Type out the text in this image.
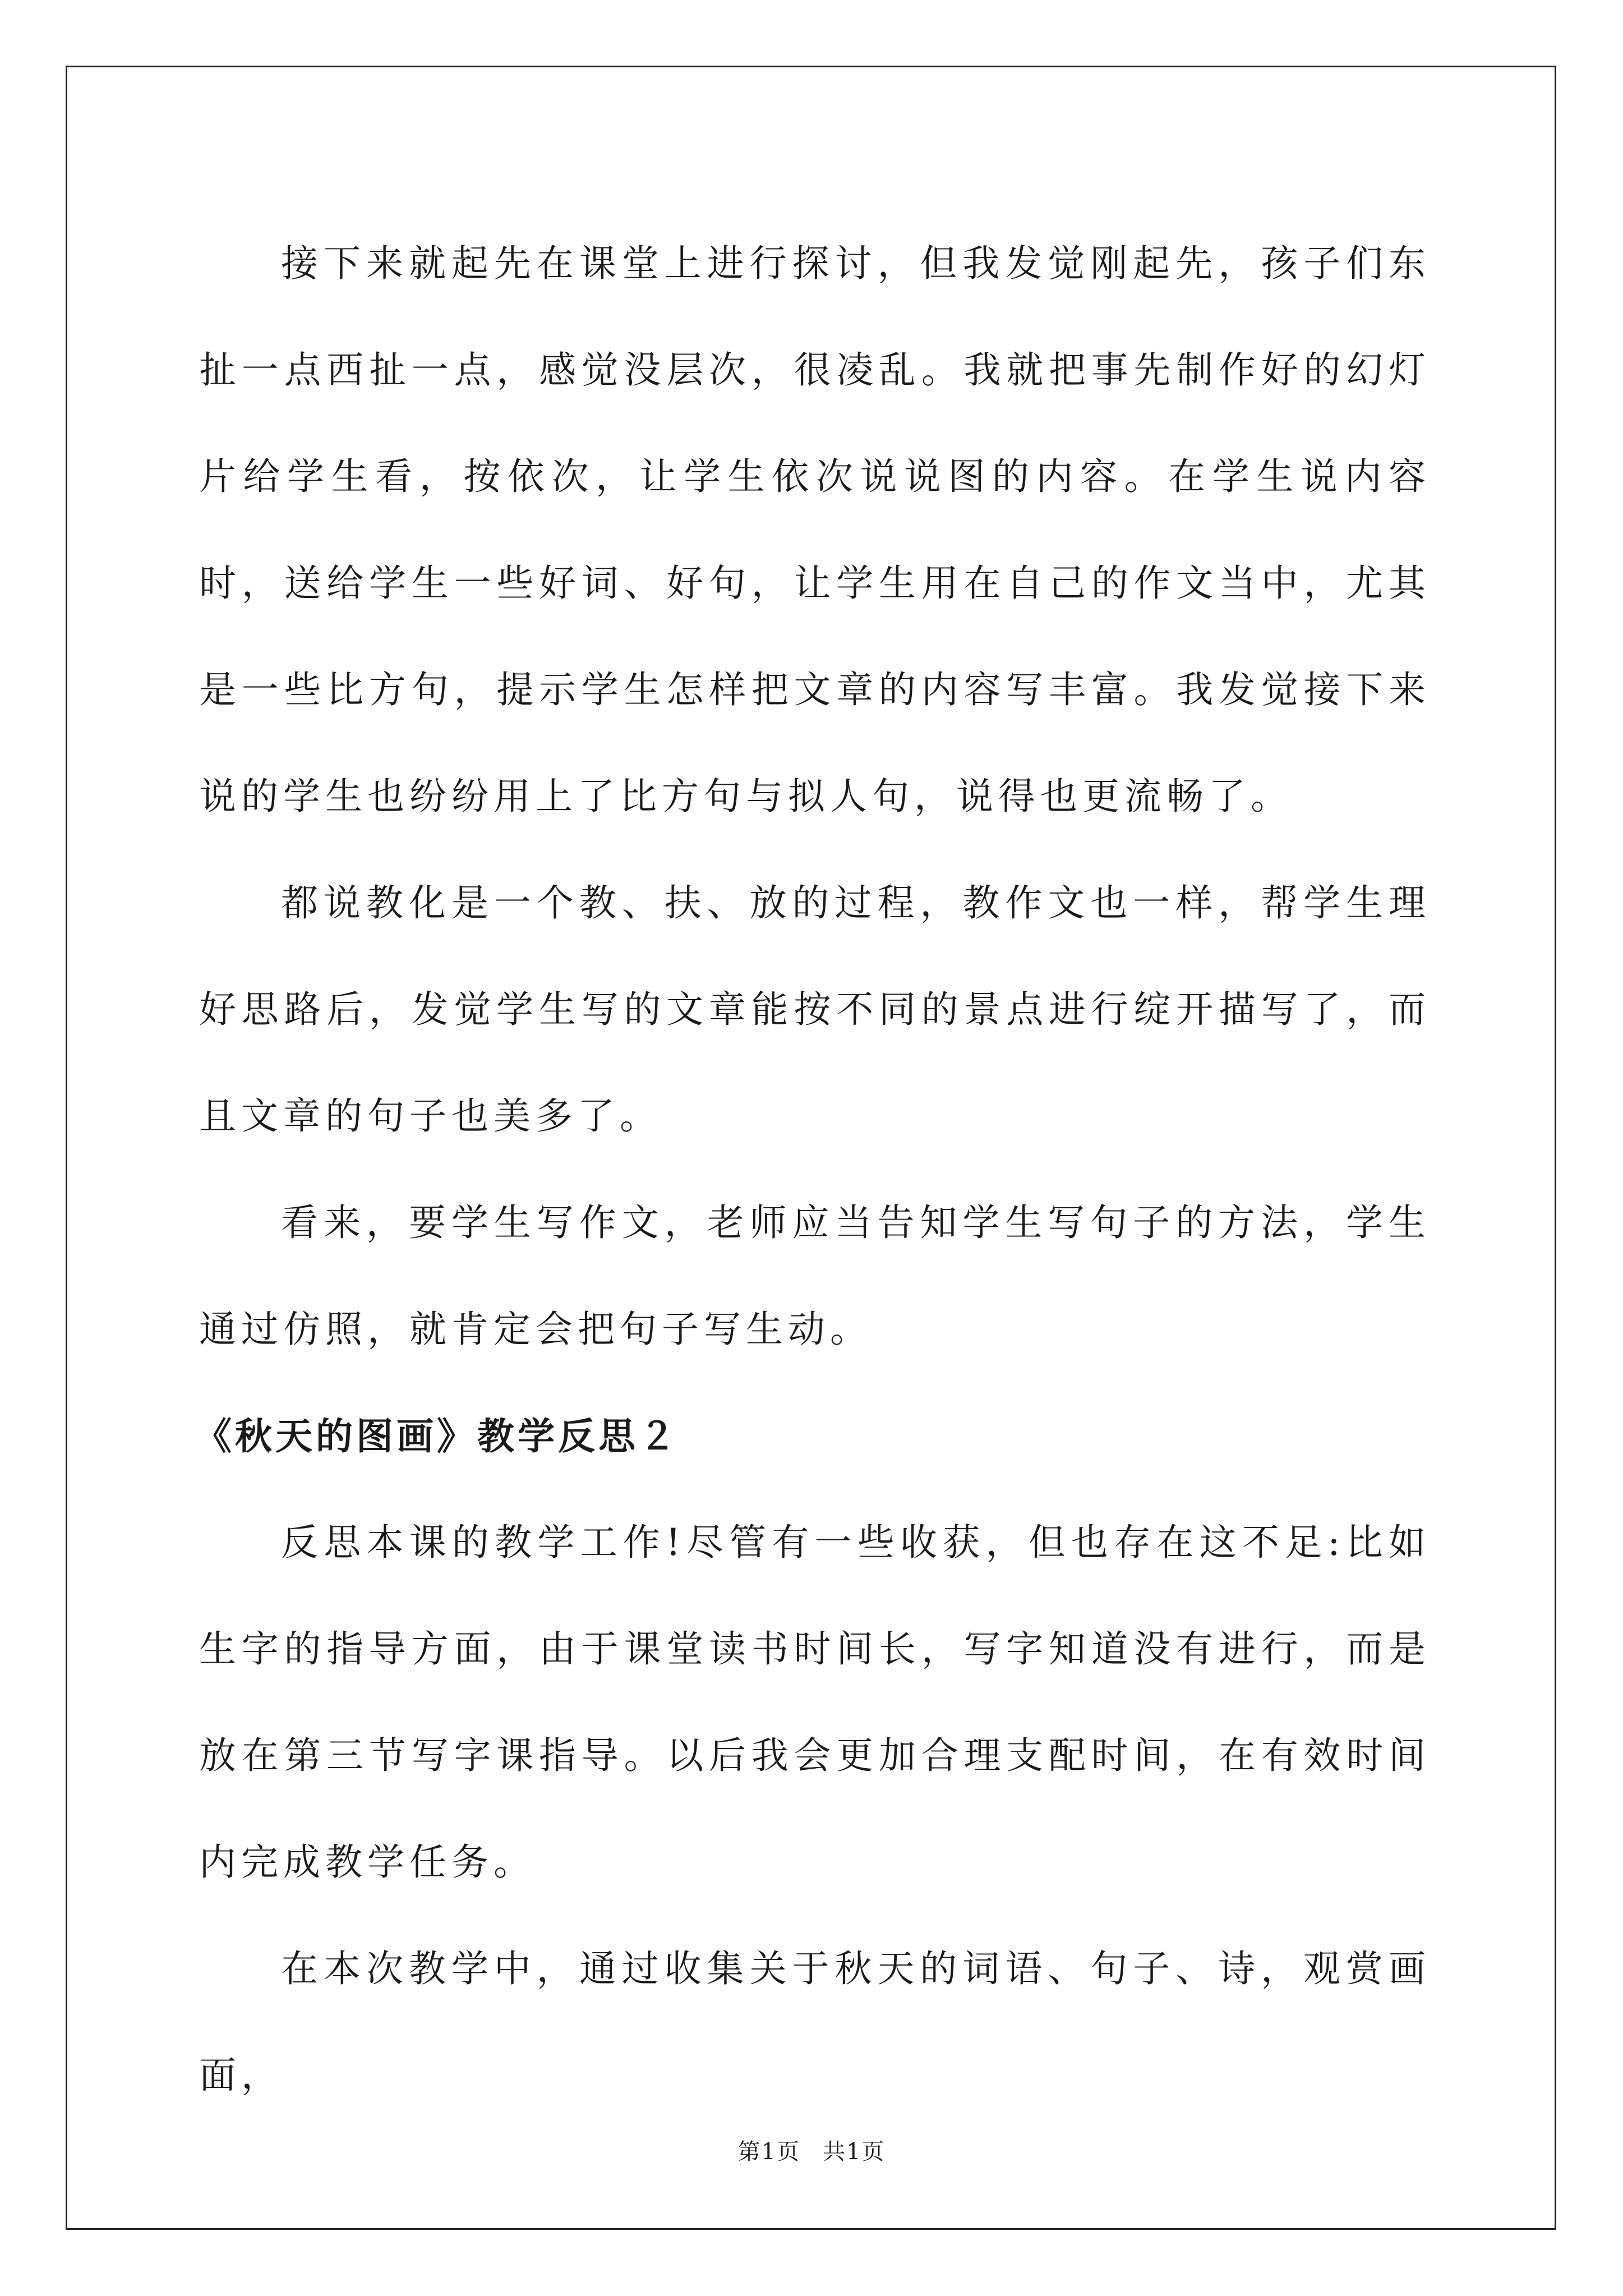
接下来就起先在课堂上进行探讨，但我发觉刚起先，孩子们东扯一点西扯一点，感觉没层次，很凌乱。我就把事先制作好的幻灯片给学生看，按依次，让学生依次说说图的内容。在学生说内容时，送给学生一些好词、好句，让学生用在自己的作文当中，尤其是一些比方句，提示学生怎样把文章的内容写丰富。我发觉接下来说的学生也纷纷用上了比方句与拟人句，说得也更流畅了。

都说教化是一个教、扶、放的过程，教作文也一样，帮学生理好思路后，发觉学生写的文章能按不同的景点进行绽开描写了，而且文章的句子也美多了。

看来，要学生写作文，老师应当告知学生写句子的方法，学生通过仿照，就肯定会把句子写生动。

《秋天的图画》教学反思２

反思本课的教学工作!尽管有一些收获，但也存在这不足:比如生字的指导方面，由于课堂读书时间长，写字知道没有进行，而是放在第三节写字课指导。以后我会更加合理支配时间，在有效时间内完成教学任务。

在本次教学中，通过收集关于秋天的词语、句子、诗，观赏画面，

第1页 共1页
